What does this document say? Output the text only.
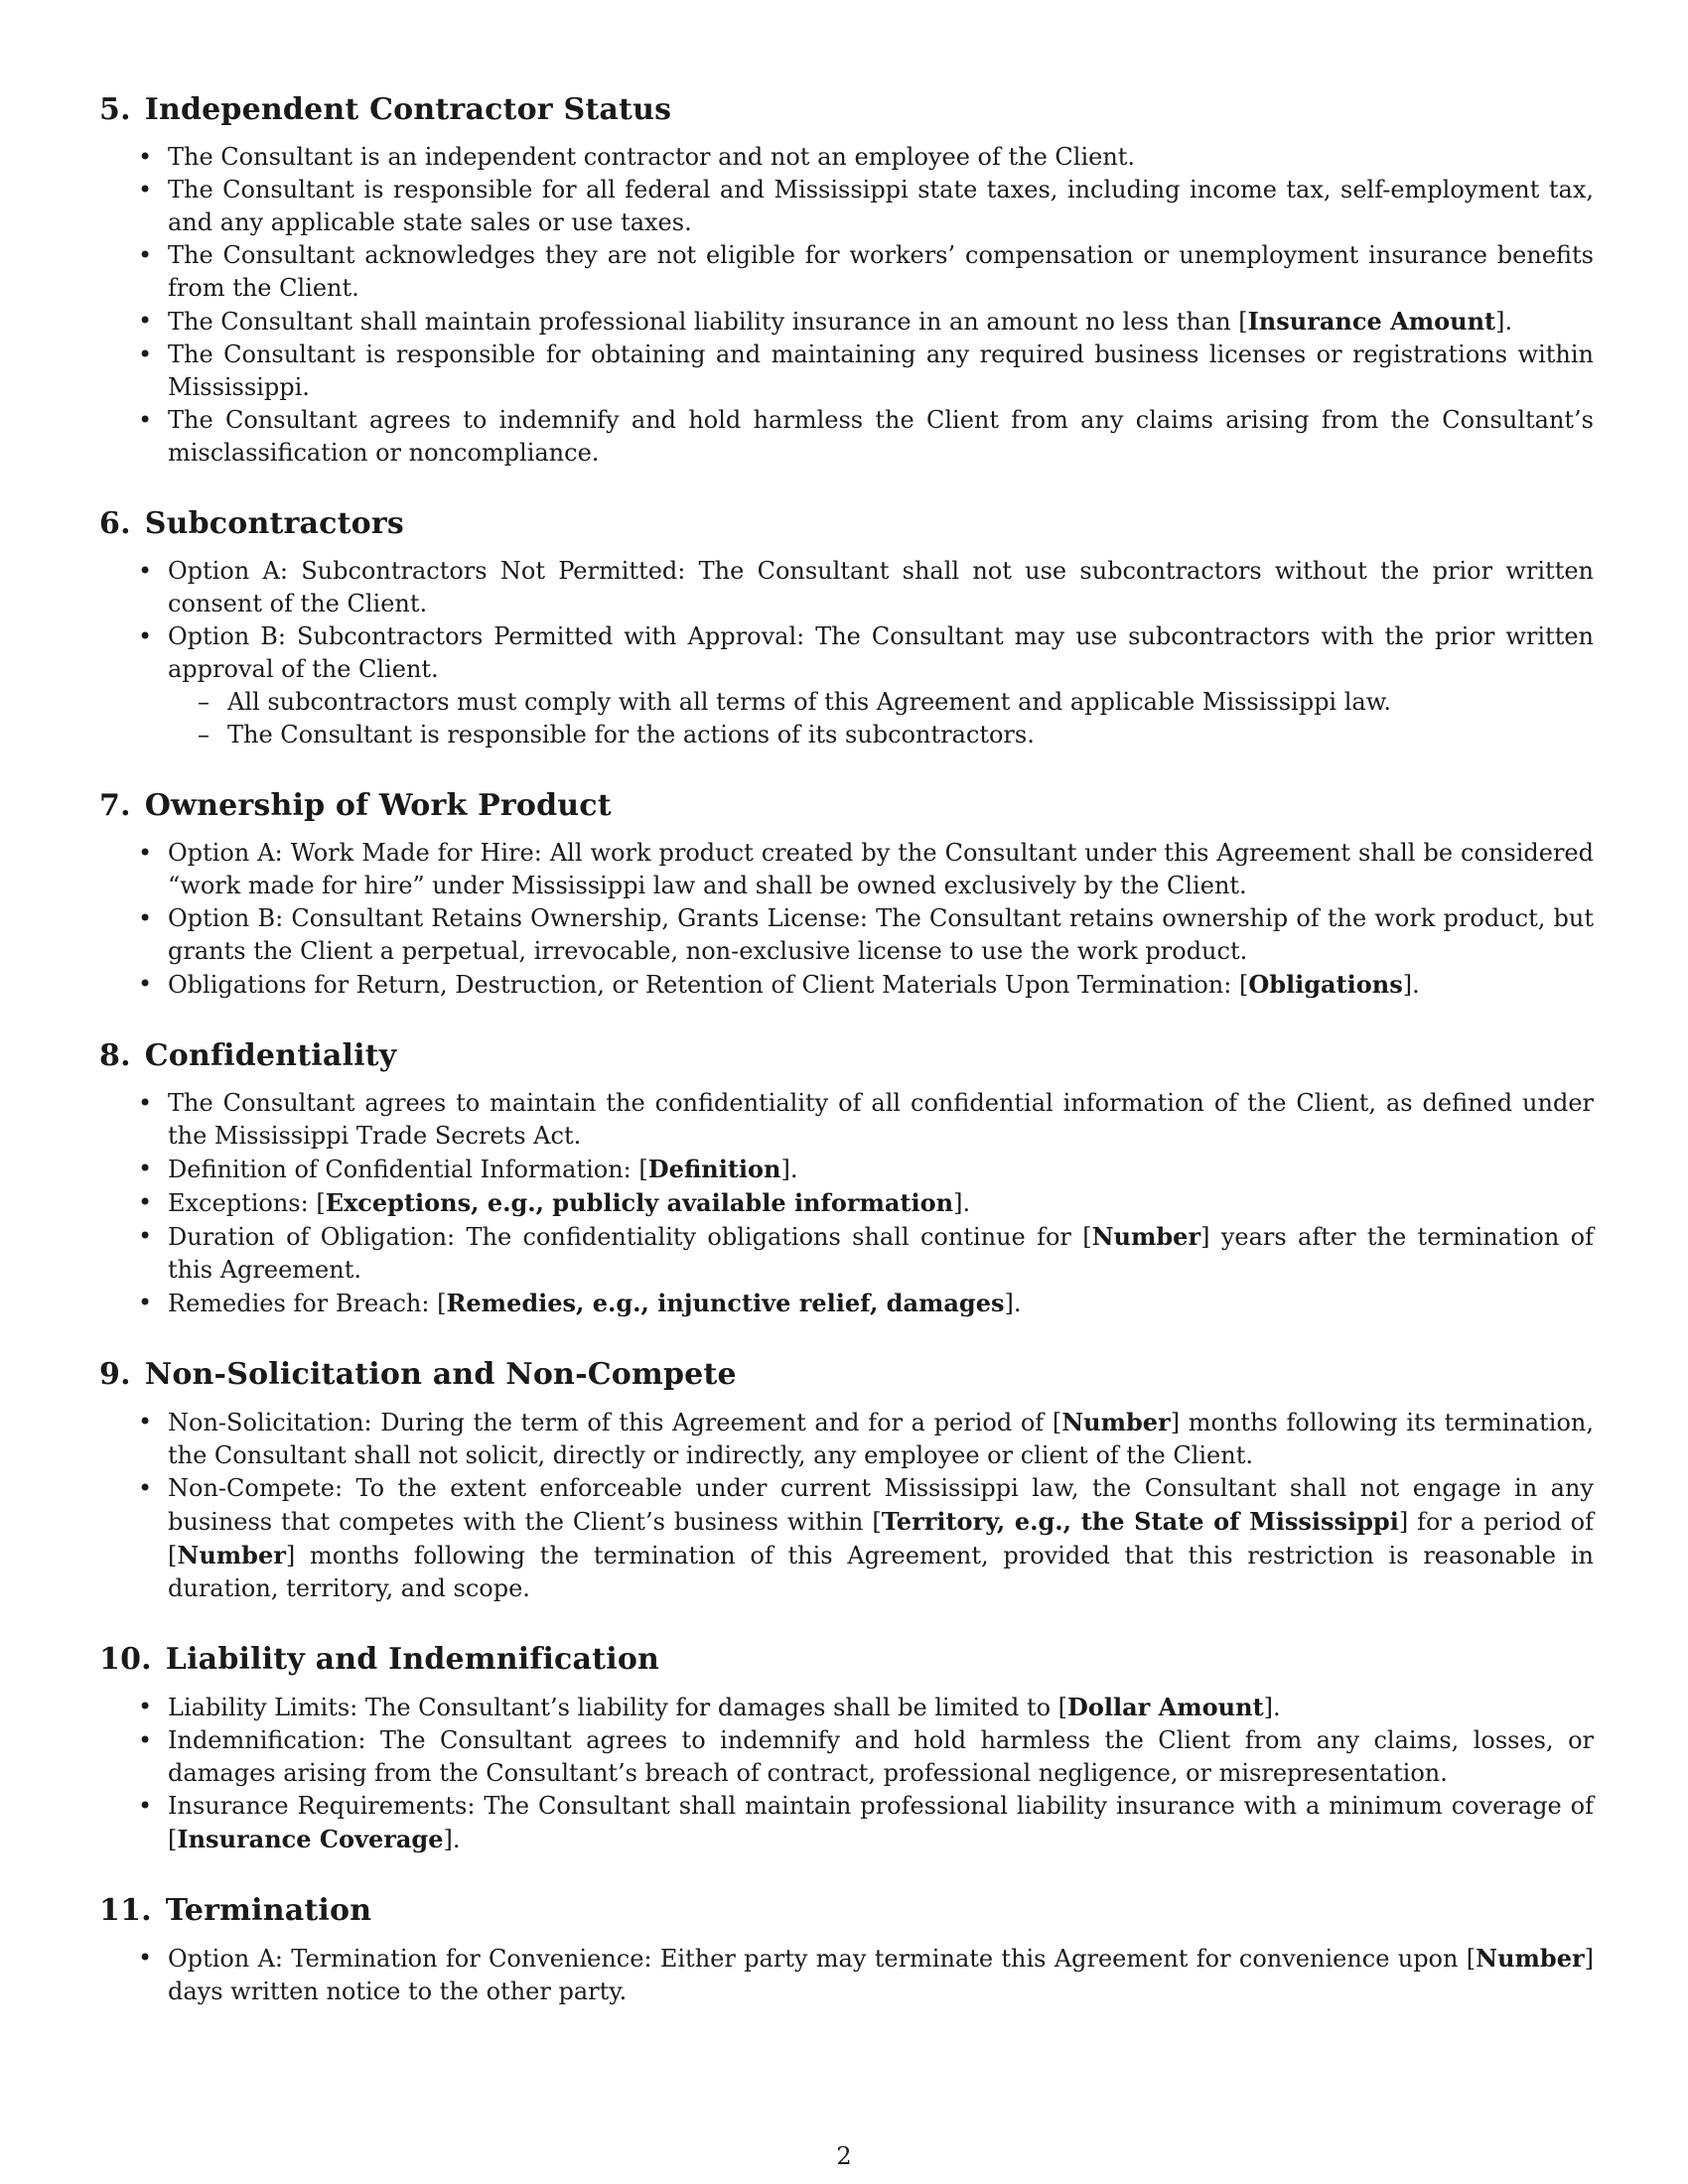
5. Independent Contractor Status
• The Consultant is an independent contractor and not an employee of the Client.
• The Consultant is responsible for all federal and Mississippi state taxes, including income tax, self-employment tax, and any applicable state sales or use taxes.
• The Consultant acknowledges they are not eligible for workers’ compensation or unemployment insurance benefits from the Client.
• The Consultant shall maintain professional liability insurance in an amount no less than [Insurance Amount].
• The Consultant is responsible for obtaining and maintaining any required business licenses or registrations within Mississippi.
• The Consultant agrees to indemnify and hold harmless the Client from any claims arising from the Consultant’s misclassification or noncompliance.
6. Subcontractors
• Option A: Subcontractors Not Permitted: The Consultant shall not use subcontractors without the prior written consent of the Client.
• Option B: Subcontractors Permitted with Approval: The Consultant may use subcontractors with the prior written approval of the Client.
– All subcontractors must comply with all terms of this Agreement and applicable Mississippi law.
– The Consultant is responsible for the actions of its subcontractors.
7. Ownership of Work Product
• Option A: Work Made for Hire: All work product created by the Consultant under this Agreement shall be considered “work made for hire” under Mississippi law and shall be owned exclusively by the Client.
• Option B: Consultant Retains Ownership, Grants License: The Consultant retains ownership of the work product, but grants the Client a perpetual, irrevocable, non-exclusive license to use the work product.
• Obligations for Return, Destruction, or Retention of Client Materials Upon Termination: [Obligations].
8. Confidentiality
• The Consultant agrees to maintain the confidentiality of all confidential information of the Client, as defined under the Mississippi Trade Secrets Act.
• Definition of Confidential Information: [Definition].
• Exceptions: [Exceptions, e.g., publicly available information].
• Duration of Obligation: The confidentiality obligations shall continue for [Number] years after the termination of this Agreement.
• Remedies for Breach: [Remedies, e.g., injunctive relief, damages].
9. Non-Solicitation and Non-Compete
• Non-Solicitation: During the term of this Agreement and for a period of [Number] months following its termination, the Consultant shall not solicit, directly or indirectly, any employee or client of the Client.
• Non-Compete: To the extent enforceable under current Mississippi law, the Consultant shall not engage in any business that competes with the Client’s business within [Territory, e.g., the State of Mississippi] for a period of [Number] months following the termination of this Agreement, provided that this restriction is reasonable in duration, territory, and scope.
10. Liability and Indemnification
• Liability Limits: The Consultant’s liability for damages shall be limited to [Dollar Amount].
• Indemnification: The Consultant agrees to indemnify and hold harmless the Client from any claims, losses, or damages arising from the Consultant’s breach of contract, professional negligence, or misrepresentation.
• Insurance Requirements: The Consultant shall maintain professional liability insurance with a minimum coverage of [Insurance Coverage].
11. Termination
• Option A: Termination for Convenience: Either party may terminate this Agreement for convenience upon [Number] days written notice to the other party.
2
